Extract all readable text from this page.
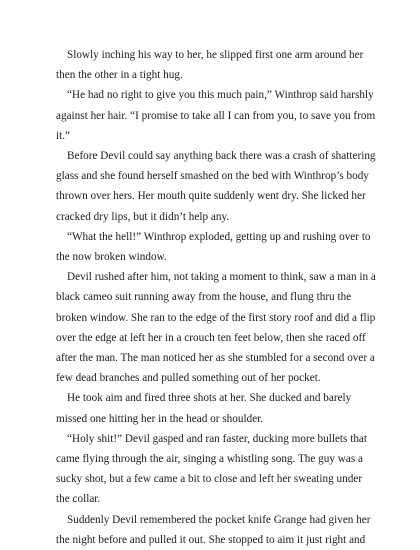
Slowly inching his way to her, he slipped first one arm around her then the other in a tight hug.

“He had no right to give you this much pain,” Winthrop said harshly against her hair. “I promise to take all I can from you, to save you from it.”

Before Devil could say anything back there was a crash of shattering glass and she found herself smashed on the bed with Winthrop’s body thrown over hers. Her mouth quite suddenly went dry. She licked her cracked dry lips, but it didn’t help any.

“What the hell!” Winthrop exploded, getting up and rushing over to the now broken window.

Devil rushed after him, not taking a moment to think, saw a man in a black cameo suit running away from the house, and flung thru the broken window. She ran to the edge of the first story roof and did a flip over the edge at left her in a crouch ten feet below, then she raced off after the man. The man noticed her as she stumbled for a second over a few dead branches and pulled something out of her pocket.

He took aim and fired three shots at her. She ducked and barely missed one hitting her in the head or shoulder.

“Holy shit!” Devil gasped and ran faster, ducking more bullets that came flying through the air, singing a whistling song. The guy was a sucky shot, but a few came a bit to close and left her sweating under the collar.

Suddenly Devil remembered the pocket knife Grange had given her the night before and pulled it out. She stopped to aim it just right and
